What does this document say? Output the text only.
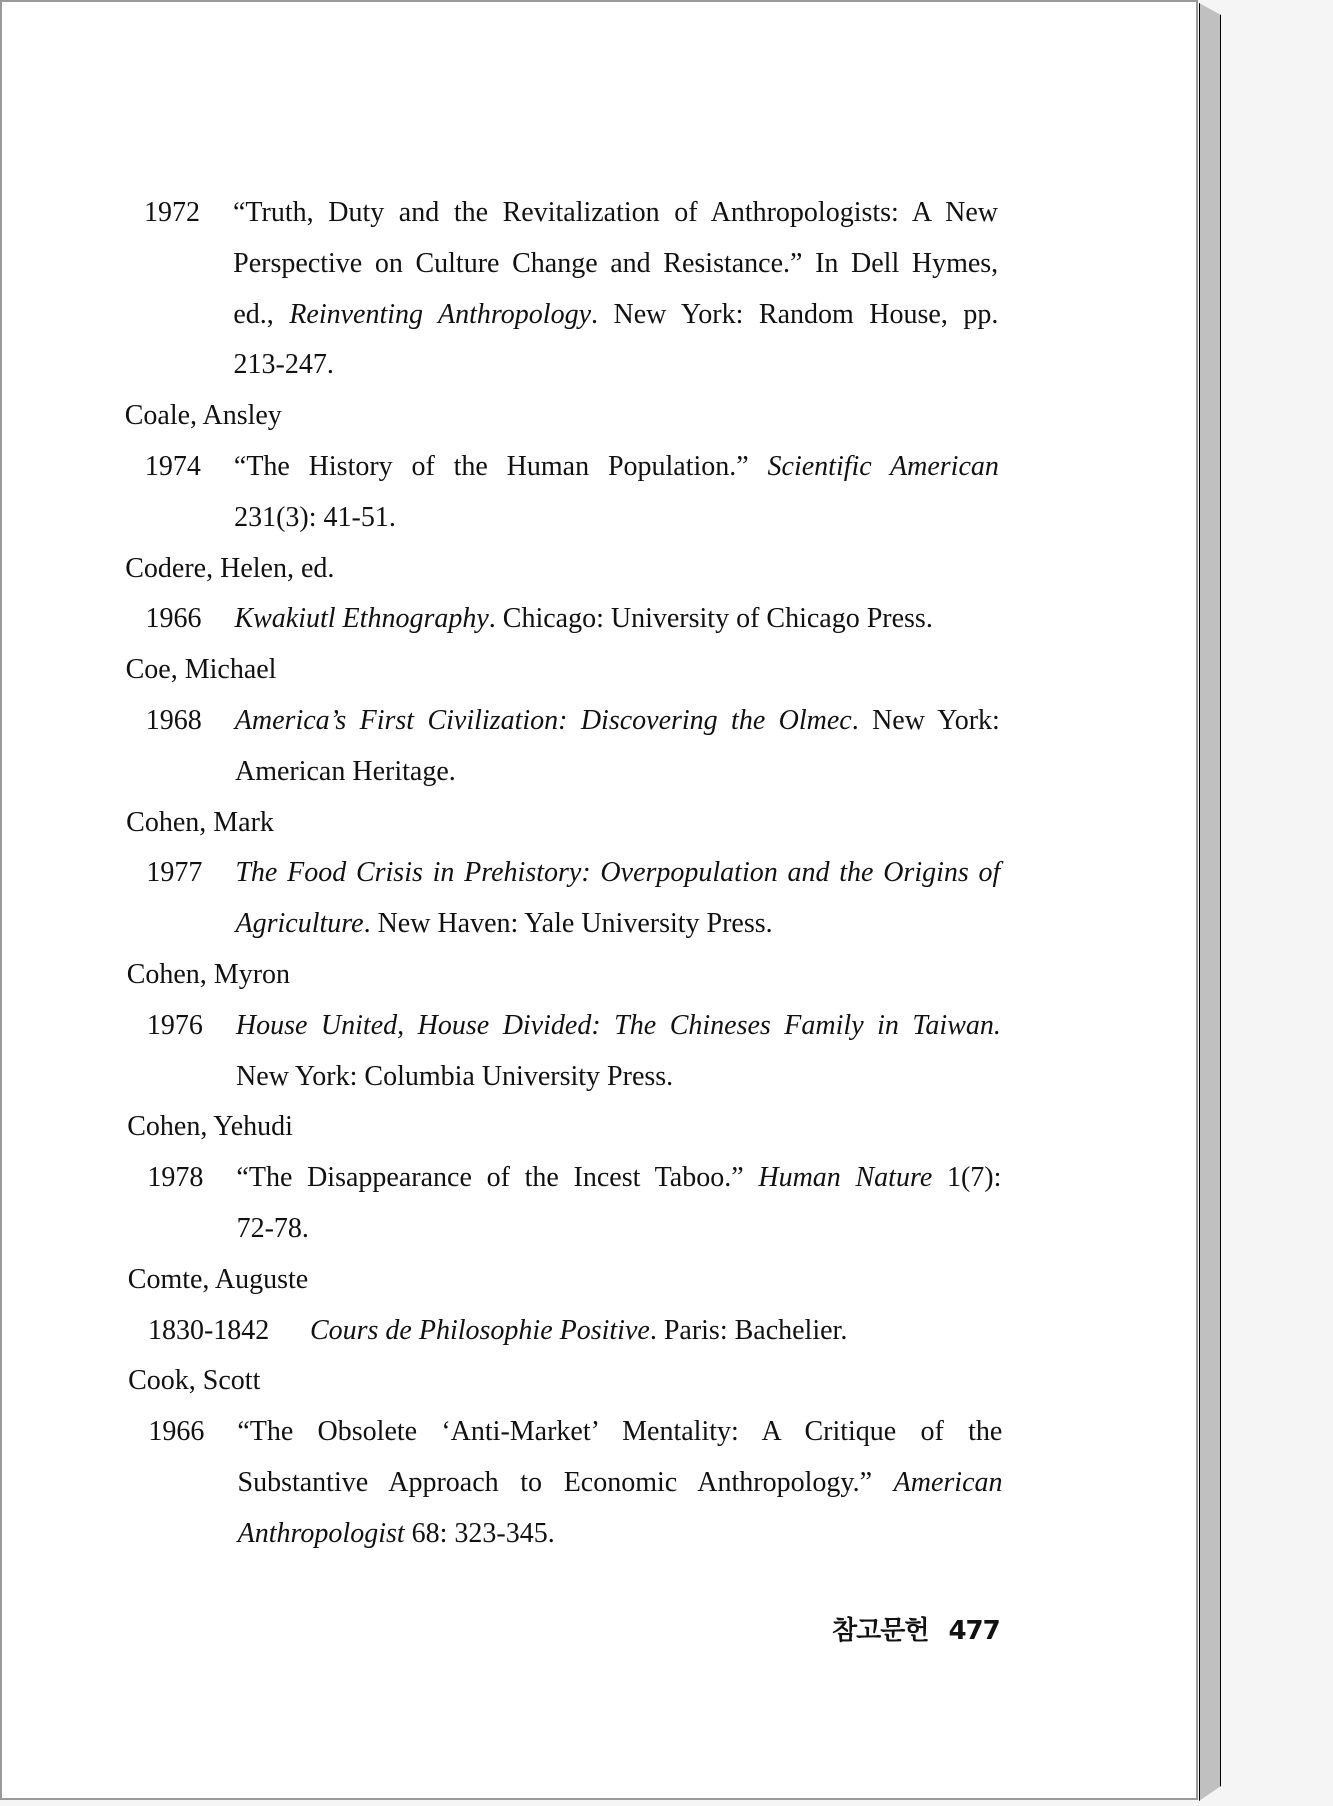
1972 “Truth, Duty and the Revitalization of Anthropologists: A New
Perspective on Culture Change and Resistance.” In Dell Hymes,
ed., Reinventing Anthropology. New York: Random House, pp.
213-247.
Coale, Ansley
1974 “The History of the Human Population.” Scientific American
231(3): 41-51.
Codere, Helen, ed.
1966 Kwakiutl Ethnography. Chicago: University of Chicago Press.
Coe, Michael
1968 America’s First Civilization: Discovering the Olmec. New York:
American Heritage.
Cohen, Mark
1977 The Food Crisis in Prehistory: Overpopulation and the Origins of
Agriculture. New Haven: Yale University Press.
Cohen, Myron
1976 House United, House Divided: The Chineses Family in Taiwan.
New York: Columbia University Press.
Cohen, Yehudi
1978 “The Disappearance of the Incest Taboo.” Human Nature 1(7):
72-78.
Comte, Auguste
1830-1842 Cours de Philosophie Positive. Paris: Bachelier.
Cook, Scott
1966 “The Obsolete ‘Anti-Market’ Mentality: A Critique of the
Substantive Approach to Economic Anthropology.” American
Anthropologist 68: 323-345.
참고문헌 477
